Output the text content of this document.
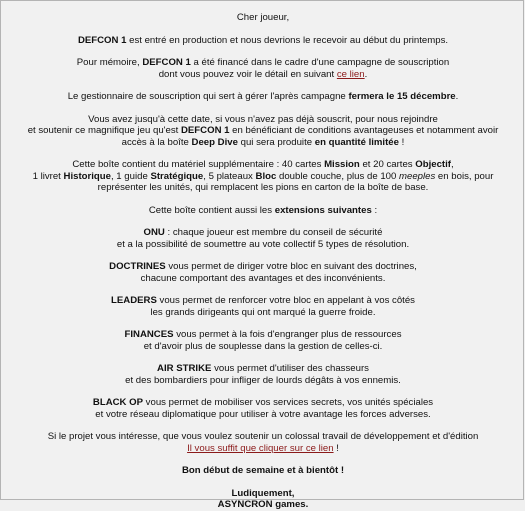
Cher joueur,

DEFCON 1 est entré en production et nous devrions le recevoir au début du printemps.

Pour mémoire, DEFCON 1 a été financé dans le cadre d'une campagne de souscription
dont vous pouvez voir le détail en suivant ce lien.

Le gestionnaire de souscription qui sert à gérer l'après campagne fermera le 15 décembre.

Vous avez jusqu'à cette date, si vous n'avez pas déjà souscrit, pour nous rejoindre
et soutenir ce magnifique jeu qu'est DEFCON 1 en bénéficiant de conditions avantageuses et notamment avoir
accès à la boîte Deep Dive qui sera produite en quantité limitée !

Cette boîte contient du matériel supplémentaire : 40 cartes Mission et 20 cartes Objectif,
1 livret Historique, 1 guide Stratégique, 5 plateaux Bloc double couche, plus de 100 meeples en bois, pour
représenter les unités, qui remplacent les pions en carton de la boîte de base.

Cette boîte contient aussi les extensions suivantes :

ONU : chaque joueur est membre du conseil de sécurité
et a la possibilité de soumettre au vote collectif 5 types de résolution.

DOCTRINES vous permet de diriger votre bloc en suivant des doctrines,
chacune comportant des avantages et des inconvénients.

LEADERS vous permet de renforcer votre bloc en appelant à vos côtés
les grands dirigeants qui ont marqué la guerre froide.

FINANCES vous permet à la fois d'engranger plus de ressources
et d'avoir plus de souplesse dans la gestion de celles-ci.

AIR STRIKE vous permet d'utiliser des chasseurs
et des bombardiers pour infliger de lourds dégâts à vos ennemis.

BLACK OP vous permet de mobiliser vos services secrets, vos unités spéciales
et votre réseau diplomatique pour utiliser à votre avantage les forces adverses.

Si le projet vous intéresse, que vous voulez soutenir un colossal travail de développement et d'édition
Il vous suffit que cliquer sur ce lien !

Bon début de semaine et à bientôt !

Ludiquement,
ASYNCRON games.
